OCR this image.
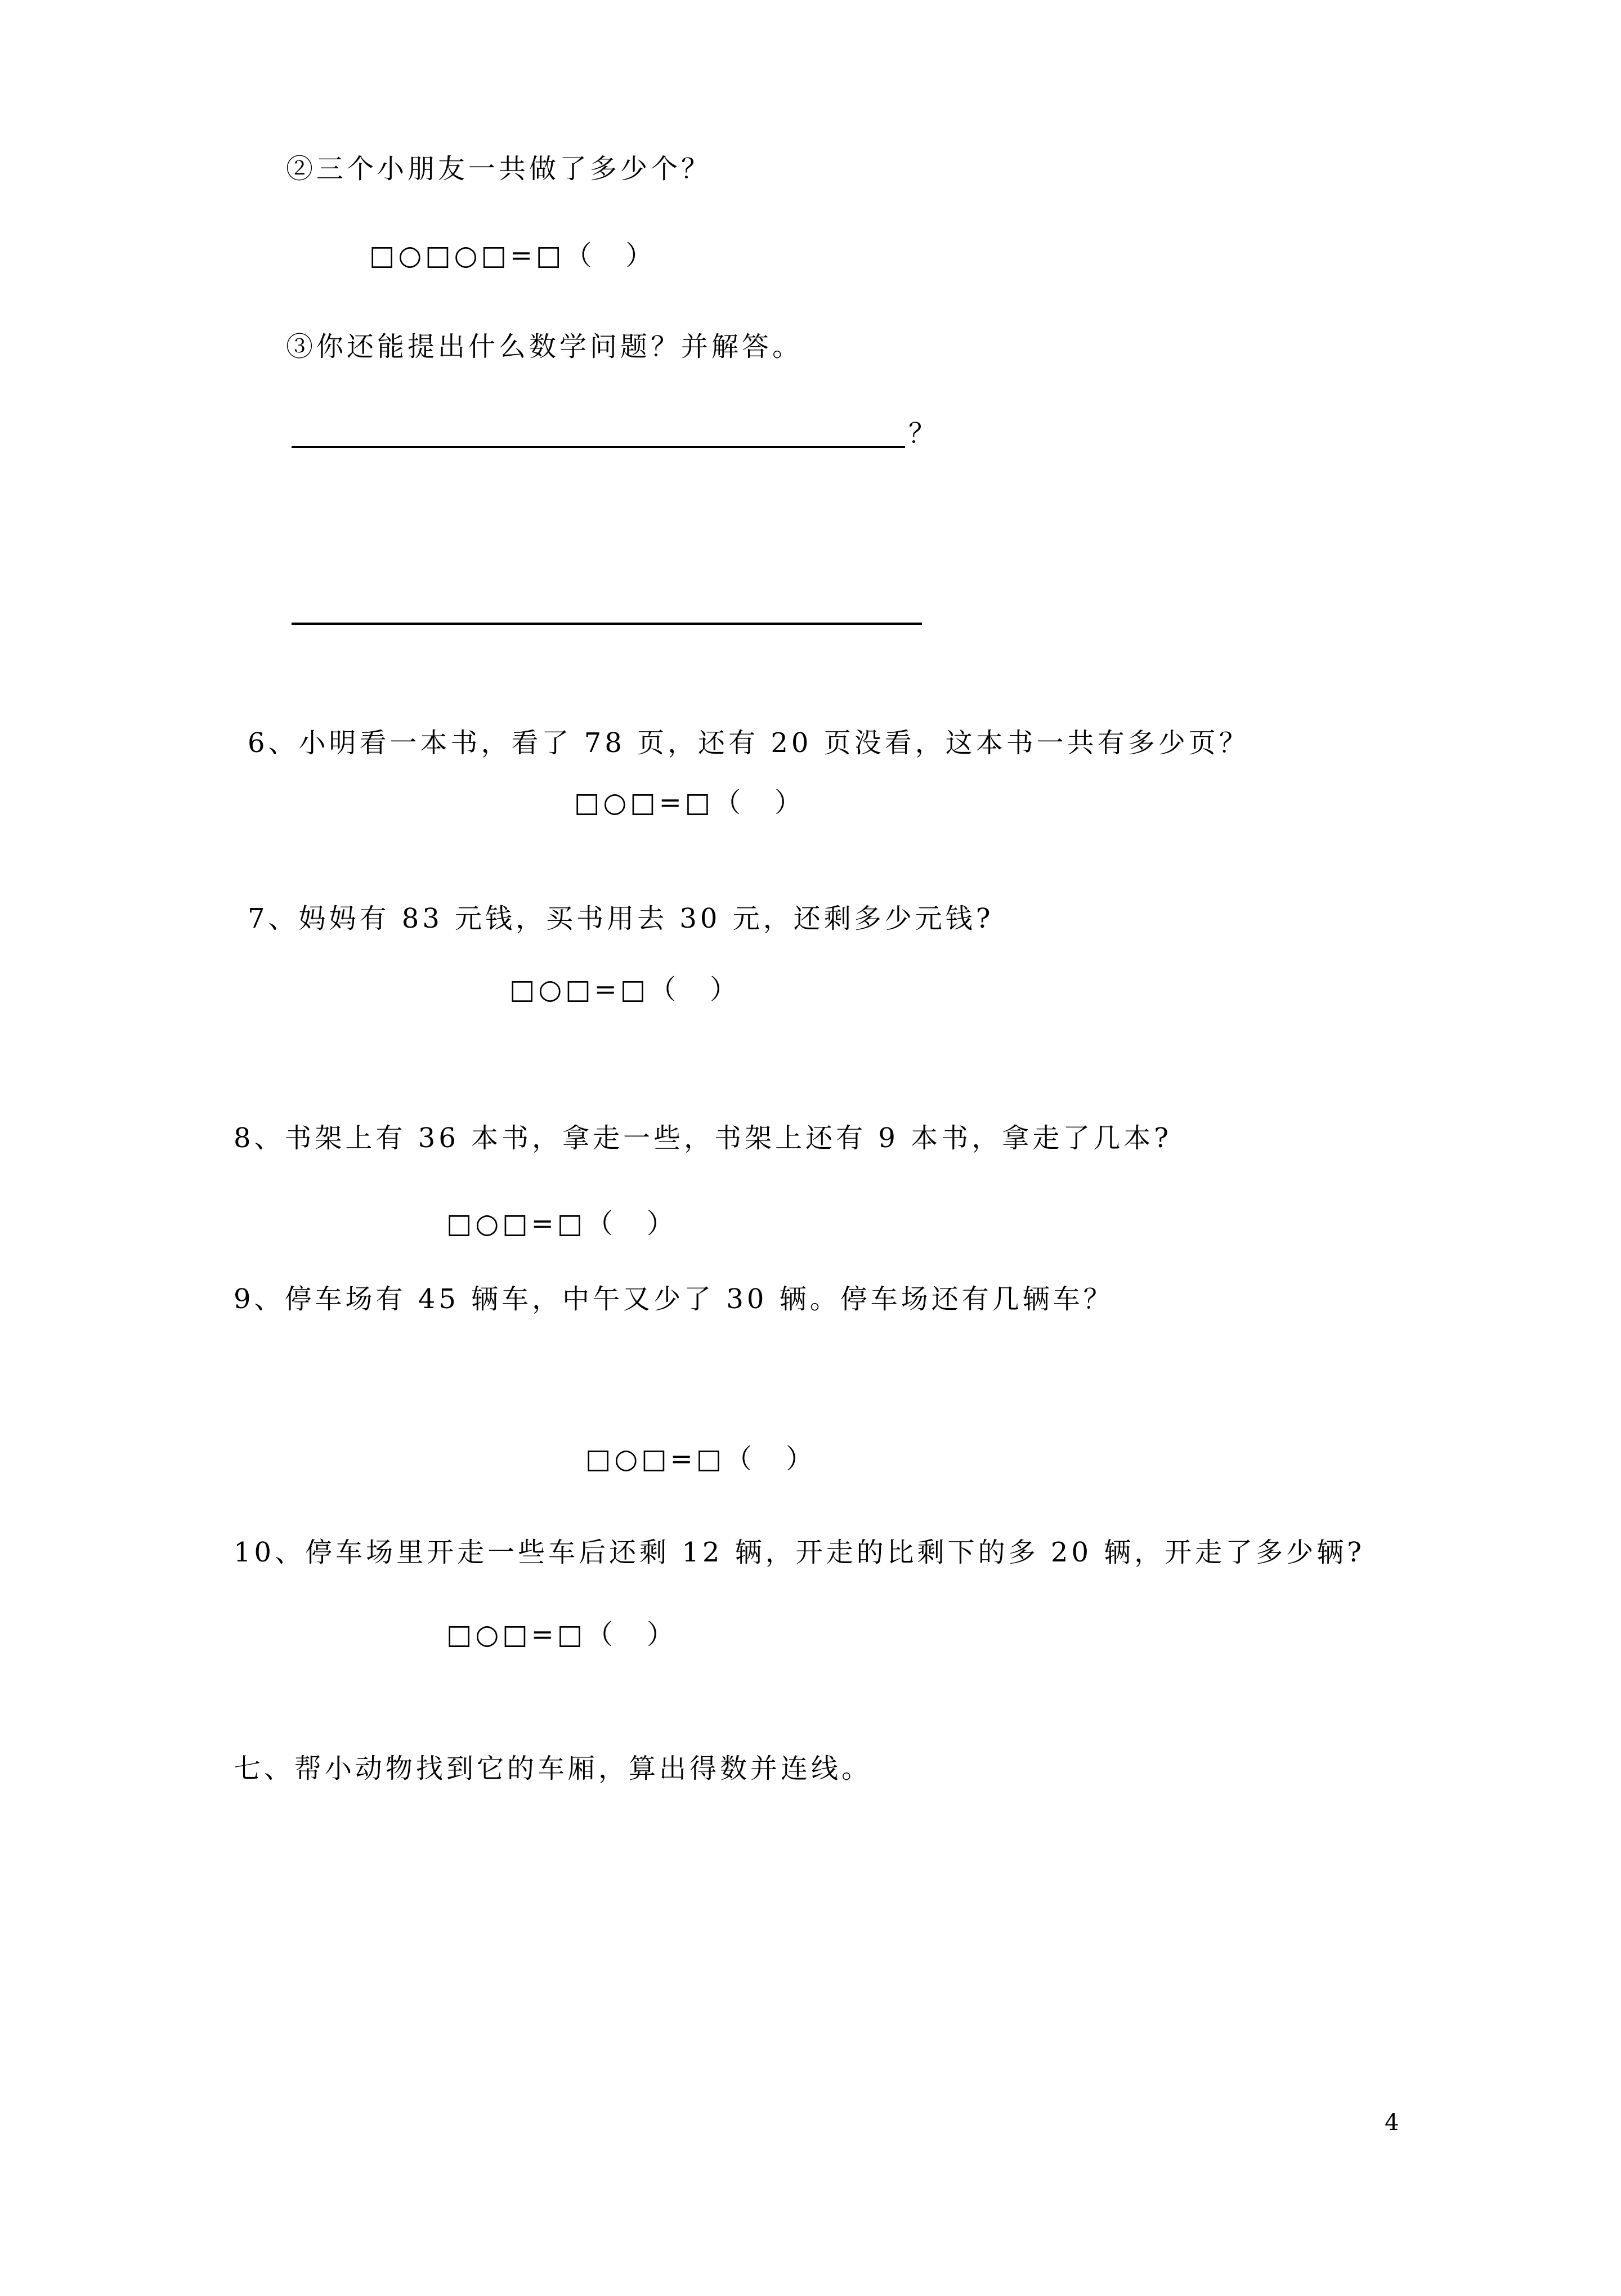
②三个小朋友一共做了多少个？
□○□○□=□（　）
③你还能提出什么数学问题？并解答。
？
6、小明看一本书，看了 78 页，还有 20 页没看，这本书一共有多少页？
□○□=□（　）
7、妈妈有 83 元钱，买书用去 30 元，还剩多少元钱?
□○□=□（　）
8、书架上有 36 本书，拿走一些，书架上还有 9 本书，拿走了几本?
□○□=□（　）
9、停车场有 45 辆车，中午又少了 30 辆。停车场还有几辆车？
□○□=□（　）
10、停车场里开走一些车后还剩 12 辆，开走的比剩下的多 20 辆，开走了多少辆?
□○□=□（　）
七、帮小动物找到它的车厢，算出得数并连线。
4
